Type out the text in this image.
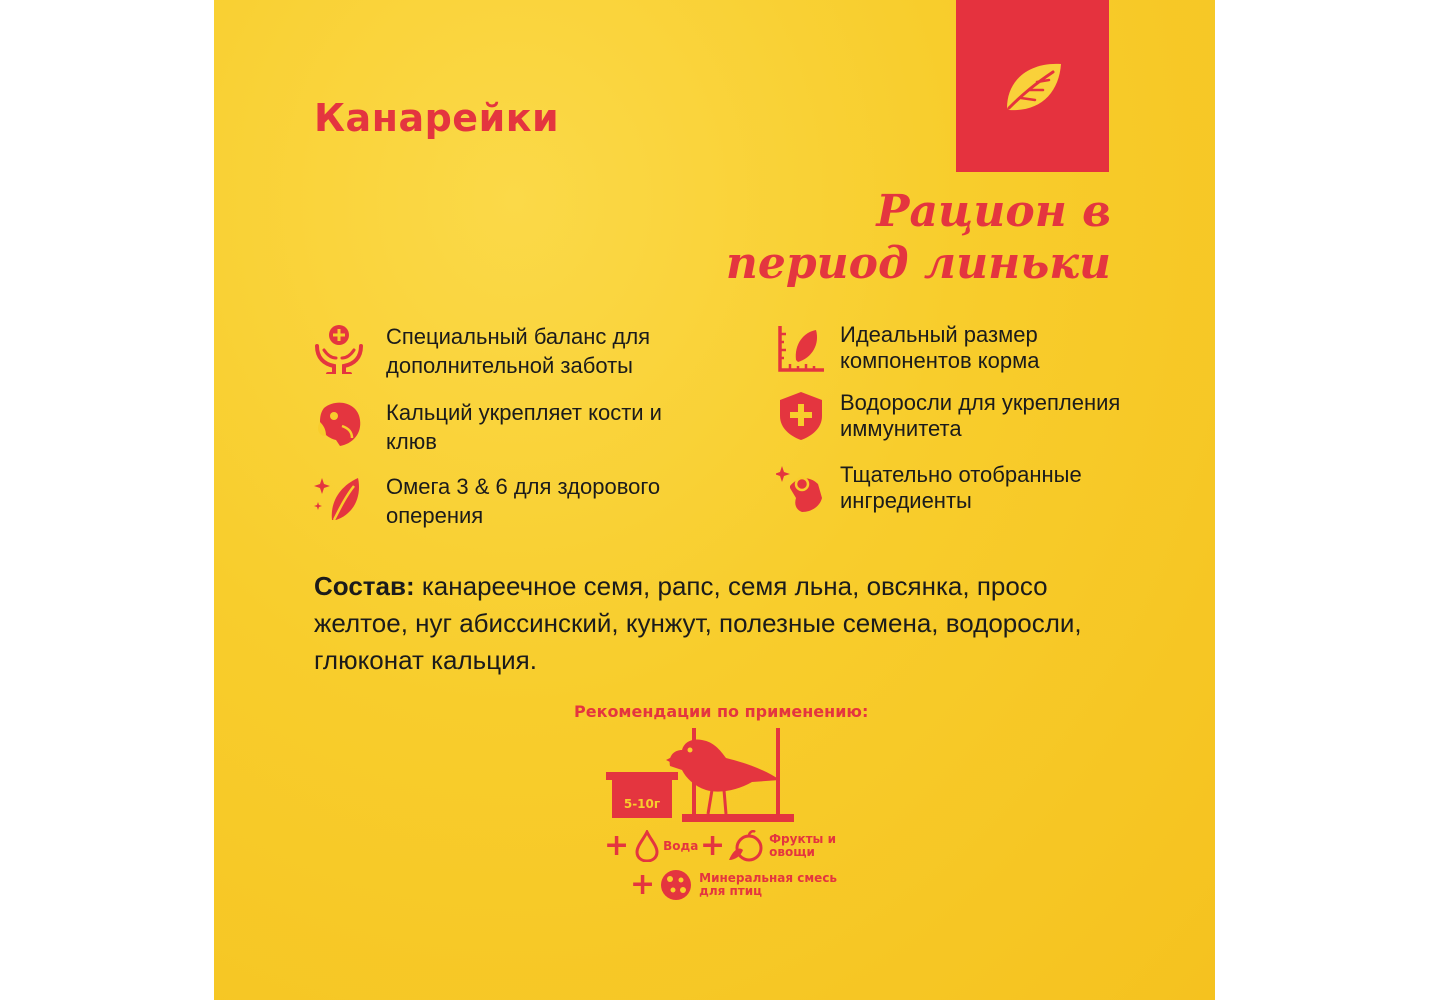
Канарейки
Рацион в
период линьки
Специальный баланс для дополнительной заботы
Кальций укрепляет кости и клюв
Омега 3 & 6 для здорового оперения
Идеальный размер компонентов корма
Водоросли для укрепления иммунитета
Тщательно отобранные ингредиенты
Состав: канареечное семя, рапс, семя льна, овсянка, просо желтое, нуг абиссинский, кунжут, полезные семена, водоросли, глюконат кальция.
Рекомендации по применению:
5-10г
+	Вода +	Фрукты и овощи
+	Минеральная смесь для птиц
